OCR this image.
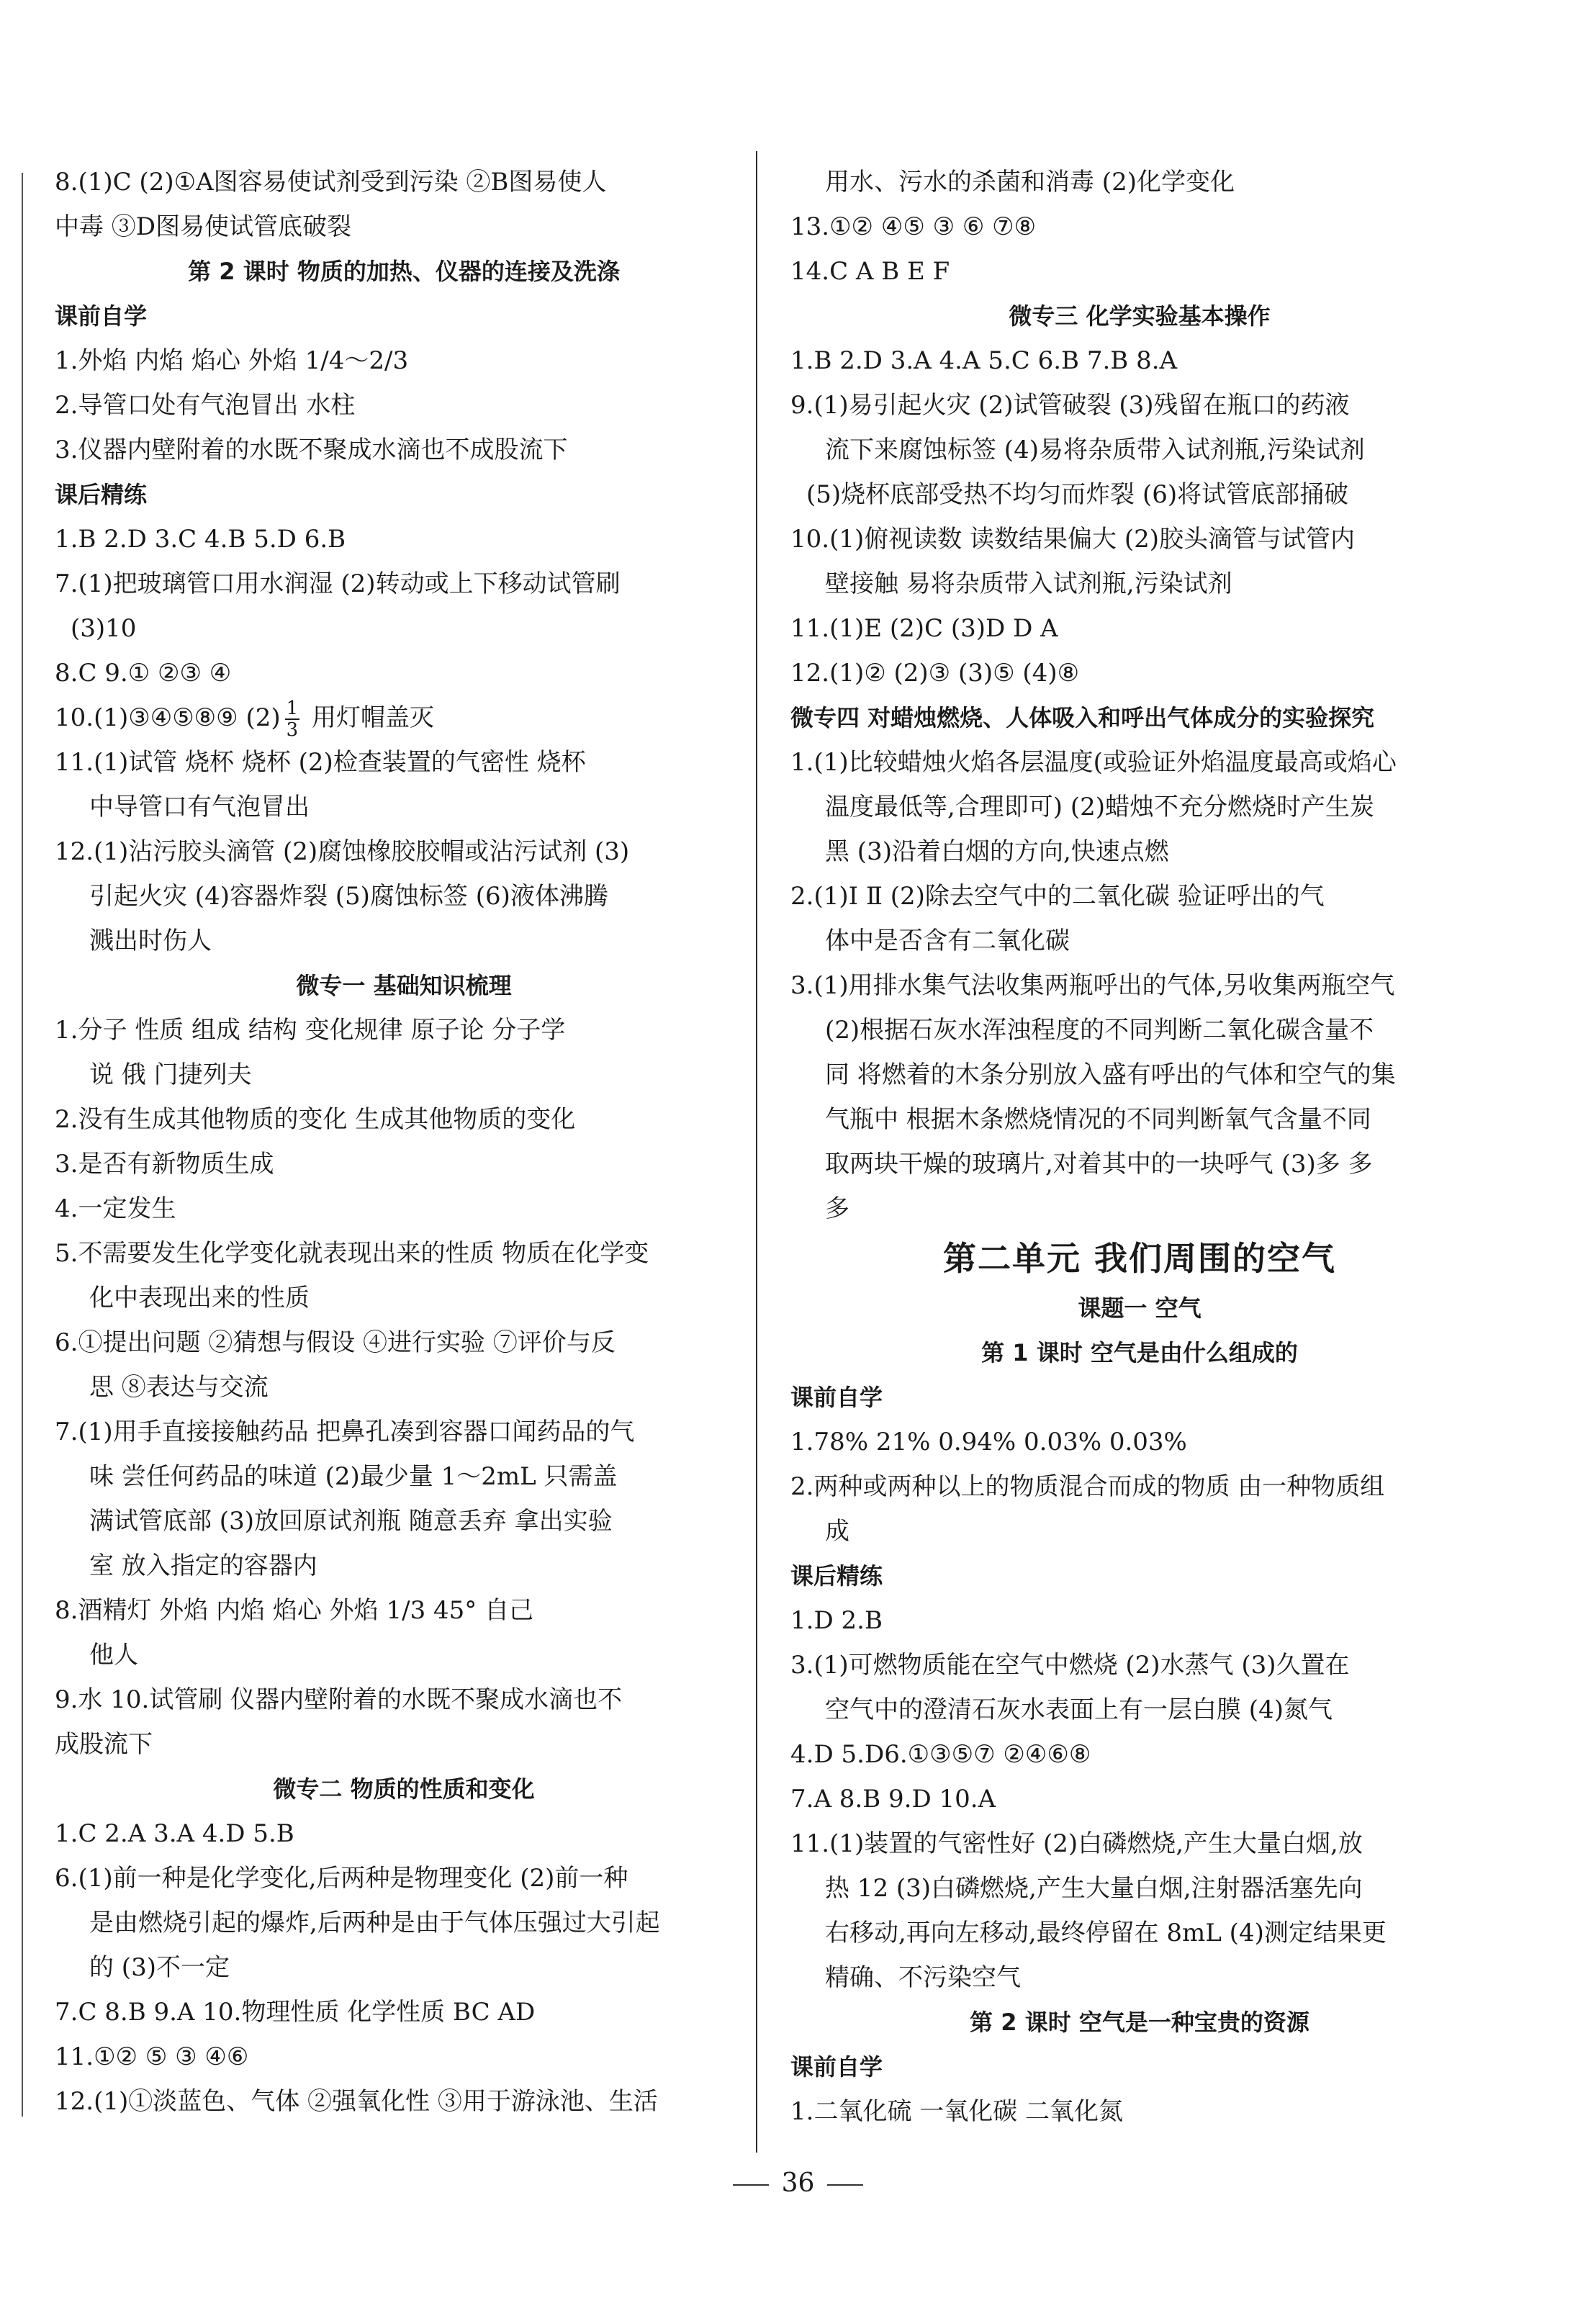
8.(1)C (2)①A图容易使试剂受到污染 ②B图易使人
中毒 ③D图易使试管底破裂
第 2 课时 物质的加热、仪器的连接及洗涤
课前自学
1.外焰 内焰 焰心 外焰 1/4～2/3
2.导管口处有气泡冒出 水柱
3.仪器内壁附着的水既不聚成水滴也不成股流下
课后精练
1.B 2.D 3.C 4.B 5.D 6.B
7.(1)把玻璃管口用水润湿 (2)转动或上下移动试管刷
(3)10
8.C 9.① ②③ ④
10.(1)③④⑤⑧⑨ $(2) \frac{1}{3}$ 用灯帽盖灭
11.(1)试管 烧杯 烧杯 (2)检查装置的气密性 烧杯
中导管口有气泡冒出
12.(1)沾污胶头滴管 (2)腐蚀橡胶胶帽或沾污试剂 (3)
引起火灾 (4)容器炸裂 (5)腐蚀标签 (6)液体沸腾
溅出时伤人
微专一 基础知识梳理
1.分子 性质 组成 结构 变化规律 原子论 分子学
说 俄 门捷列夫
2.没有生成其他物质的变化 生成其他物质的变化
3.是否有新物质生成
4.一定发生
5.不需要发生化学变化就表现出来的性质 物质在化学变
化中表现出来的性质
6.①提出问题 ②猜想与假设 ④进行实验 ⑦评价与反
思 ⑧表达与交流
7.(1)用手直接接触药品 把鼻孔凑到容器口闻药品的气
味 尝任何药品的味道 (2)最少量 1～2mL 只需盖
满试管底部 (3)放回原试剂瓶 随意丢弃 拿出实验
室 放入指定的容器内
8.酒精灯 外焰 内焰 焰心 外焰 1/3 45° 自己
他人
9.水 10.试管刷 仪器内壁附着的水既不聚成水滴也不
成股流下
微专二 物质的性质和变化
1.C 2.A 3.A 4.D 5.B
6.(1)前一种是化学变化,后两种是物理变化 (2)前一种
是由燃烧引起的爆炸,后两种是由于气体压强过大引起
的 (3)不一定
7.C 8.B 9.A 10.物理性质 化学性质 BC AD
11.①② ⑤ ③ ④⑥
12.(1)①淡蓝色、气体 ②强氧化性 ③用于游泳池、生活
用水、污水的杀菌和消毒 (2)化学变化
13.①② ④⑤ ③ ⑥ ⑦⑧
14.C A B E F
微专三 化学实验基本操作
1.B 2.D 3.A 4.A 5.C 6.B 7.B 8.A
9.(1)易引起火灾 (2)试管破裂 (3)残留在瓶口的药液
流下来腐蚀标签 (4)易将杂质带入试剂瓶,污染试剂
(5)烧杯底部受热不均匀而炸裂 (6)将试管底部捅破
10.(1)俯视读数 读数结果偏大 (2)胶头滴管与试管内
壁接触 易将杂质带入试剂瓶,污染试剂
11.(1)E (2)C (3)D D A
12.(1)② (2)③ (3)⑤ (4)⑧
微专四 对蜡烛燃烧、人体吸入和呼出气体成分的实验探究
1.(1)比较蜡烛火焰各层温度(或验证外焰温度最高或焰心
温度最低等,合理即可) (2)蜡烛不充分燃烧时产生炭
黑 (3)沿着白烟的方向,快速点燃
2.(1)Ⅰ Ⅱ (2)除去空气中的二氧化碳 验证呼出的气
体中是否含有二氧化碳
3.(1)用排水集气法收集两瓶呼出的气体,另收集两瓶空气
(2)根据石灰水浑浊程度的不同判断二氧化碳含量不
同 将燃着的木条分别放入盛有呼出的气体和空气的集
气瓶中 根据木条燃烧情况的不同判断氧气含量不同
取两块干燥的玻璃片,对着其中的一块呼气 (3)多 多
多
第二单元 我们周围的空气
课题一 空气
第 1 课时 空气是由什么组成的
课前自学
1.78% 21% 0.94% 0.03% 0.03%
2.两种或两种以上的物质混合而成的物质 由一种物质组
成
课后精练
1.D 2.B
3.(1)可燃物质能在空气中燃烧 (2)水蒸气 (3)久置在
空气中的澄清石灰水表面上有一层白膜 (4)氮气
4.D 5.D6.①③⑤⑦ ②④⑥⑧
7.A 8.B 9.D 10.A
11.(1)装置的气密性好 (2)白磷燃烧,产生大量白烟,放
热 12 (3)白磷燃烧,产生大量白烟,注射器活塞先向
右移动,再向左移动,最终停留在 8mL (4)测定结果更
精确、不污染空气
第 2 课时 空气是一种宝贵的资源
课前自学
1.二氧化硫 一氧化碳 二氧化氮
36
